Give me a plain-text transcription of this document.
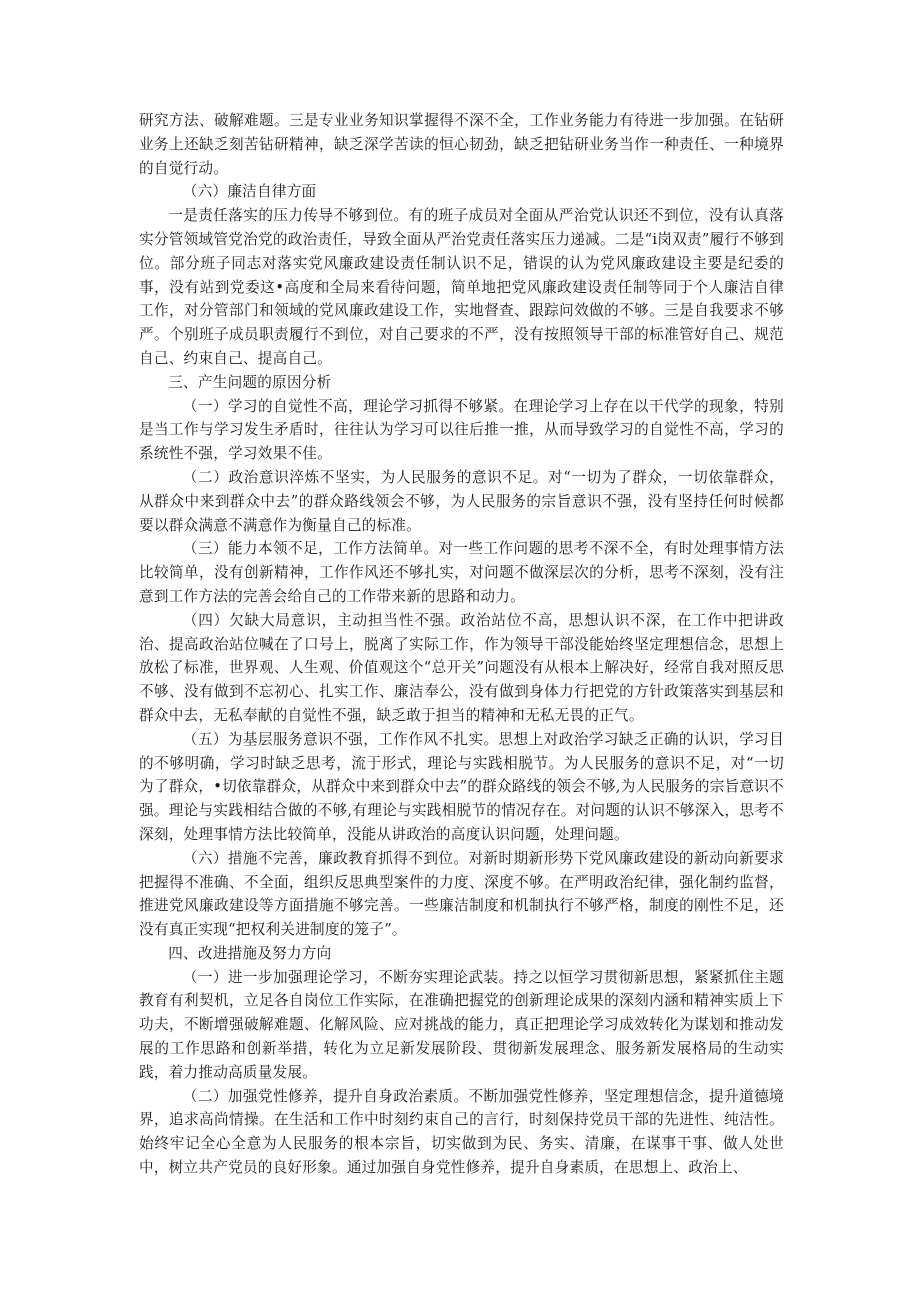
研究方法、破解难题。三是专业业务知识掌握得不深不全，工作业务能力有待进一步加强。在钻研业务上还缺乏刻苦钻研精神，缺乏深学苦读的恒心韧劲，缺乏把钻研业务当作一种责任、一种境界的自觉行动。

（六）廉洁自律方面

一是责任落实的压力传导不够到位。有的班子成员对全面从严治党认识还不到位，没有认真落实分管领域管党治党的政治责任，导致全面从严治党责任落实压力递减。二是“i岗双责”履行不够到位。部分班子同志对落实党风廉政建设责任制认识不足，错误的认为党风廉政建设主要是纪委的事，没有站到党委这•高度和全局来看待问题，简单地把党风廉政建设责任制等同于个人廉洁自律工作，对分管部门和领域的党风廉政建设工作，实地督查、跟踪问效做的不够。三是自我要求不够严。个别班子成员职责履行不到位，对自己要求的不严，没有按照领导干部的标准管好自己、规范自己、约束自己、提高自己。

三、产生问题的原因分析

（一）学习的自觉性不高，理论学习抓得不够紧。在理论学习上存在以干代学的现象，特别是当工作与学习发生矛盾时，往往认为学习可以往后推一推，从而导致学习的自觉性不高，学习的系统性不强，学习效果不佳。

（二）政治意识淬炼不坚实，为人民服务的意识不足。对“一切为了群众，一切依靠群众，从群众中来到群众中去”的群众路线领会不够，为人民服务的宗旨意识不强，没有坚持任何时候都要以群众满意不满意作为衡量自己的标准。

（三）能力本领不足，工作方法简单。对一些工作问题的思考不深不全，有时处理事情方法比较简单，没有创新精神，工作作风还不够扎实，对问题不做深层次的分析，思考不深刻，没有注意到工作方法的完善会给自己的工作带来新的思路和动力。

（四）欠缺大局意识，主动担当性不强。政治站位不高，思想认识不深，在工作中把讲政治、提高政治站位喊在了口号上，脱离了实际工作，作为领导干部没能始终坚定理想信念，思想上放松了标准，世界观、人生观、价值观这个“总开关”问题没有从根本上解决好，经常自我对照反思不够、没有做到不忘初心、扎实工作、廉洁奉公，没有做到身体力行把党的方针政策落实到基层和群众中去，无私奉献的自觉性不强，缺乏敢于担当的精神和无私无畏的正气。

（五）为基层服务意识不强，工作作风不扎实。思想上对政治学习缺乏正确的认识，学习目的不够明确，学习时缺乏思考，流于形式，理论与实践相脱节。为人民服务的意识不足，对“一切为了群众，•切依靠群众，从群众中来到群众中去”的群众路线的领会不够,为人民服务的宗旨意识不强。理论与实践相结合做的不够,有理论与实践相脱节的情况存在。对问题的认识不够深入，思考不深刻，处理事情方法比较简单，没能从讲政治的高度认识问题，处理问题。

（六）措施不完善，廉政教育抓得不到位。对新时期新形势下党风廉政建设的新动向新要求把握得不准确、不全面，组织反思典型案件的力度、深度不够。在严明政治纪律，强化制约监督，推进党风廉政建设等方面措施不够完善。一些廉洁制度和机制执行不够严格，制度的刚性不足，还没有真正实现“把权利关进制度的笼子”。

四、改进措施及努力方向

（一）进一步加强理论学习，不断夯实理论武装。持之以恒学习贯彻新思想，紧紧抓住主题教育有利契机，立足各自岗位工作实际，在准确把握党的创新理论成果的深刻内涵和精神实质上下功夫，不断增强破解难题、化解风险、应对挑战的能力，真正把理论学习成效转化为谋划和推动发展的工作思路和创新举措，转化为立足新发展阶段、贯彻新发展理念、服务新发展格局的生动实践，着力推动高质量发展。

（二）加强党性修养，提升自身政治素质。不断加强党性修养，坚定理想信念，提升道德境界，追求高尚情操。在生活和工作中时刻约束自己的言行，时刻保持党员干部的先进性、纯洁性。始终牢记全心全意为人民服务的根本宗旨，切实做到为民、务实、清廉，在谋事干事、做人处世中，树立共产党员的良好形象。通过加强自身党性修养，提升自身素质，在思想上、政治上、
